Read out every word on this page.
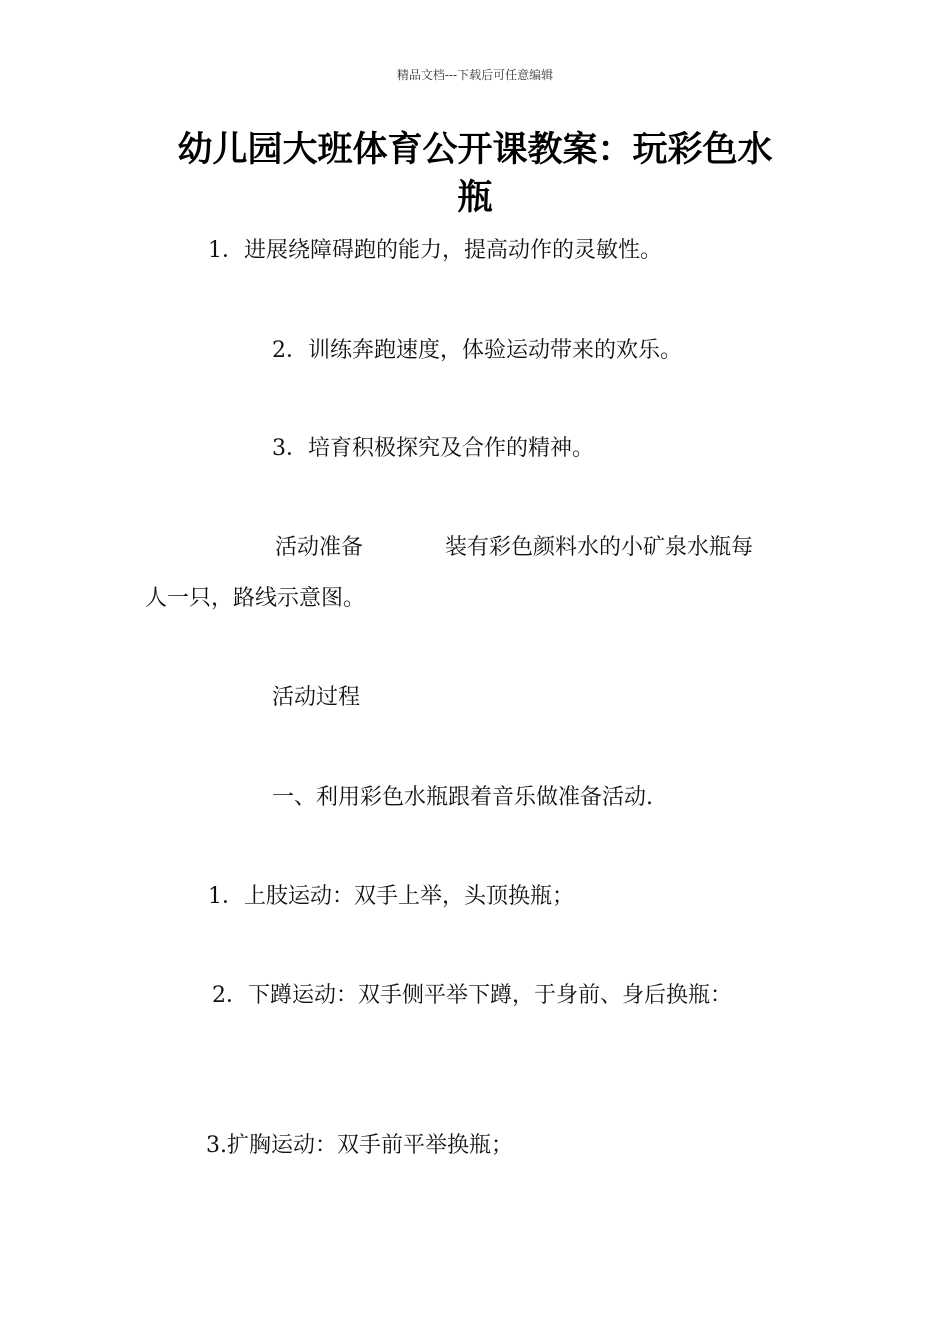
精品文档---下载后可任意编辑
幼儿园大班体育公开课教案：玩彩色水
瓶
1．进展绕障碍跑的能力，提高动作的灵敏性。
2．训练奔跑速度，体验运动带来的欢乐。
3．培育积极探究及合作的精神。
活动准备	装有彩色颜料水的小矿泉水瓶每
人一只，路线示意图。
活动过程
一、利用彩色水瓶跟着音乐做准备活动.
1．上肢运动：双手上举，头顶换瓶；
2．下蹲运动：双手侧平举下蹲，于身前、身后换瓶：
3.扩胸运动：双手前平举换瓶；
